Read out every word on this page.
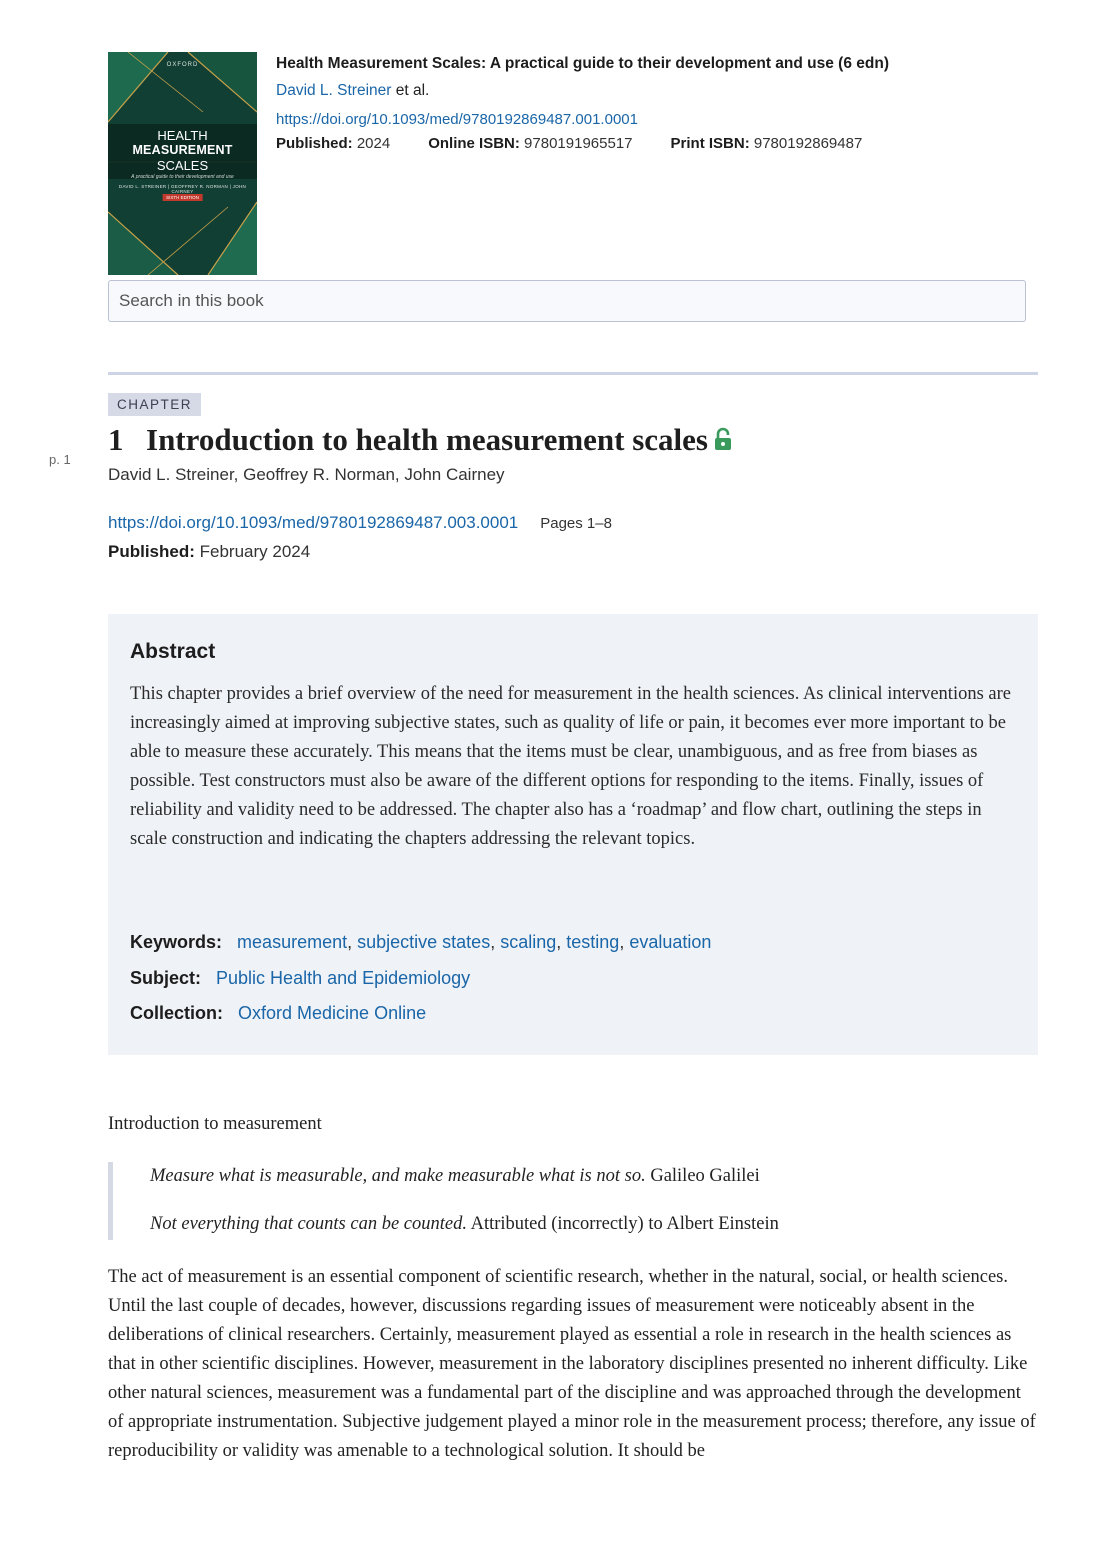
OXFORD
HEALTH
MEASUREMENT
SCALES
A practical guide to their development and use
DAVID L. STREINER | GEOFFREY R. NORMAN | JOHN CAIRNEY
SIXTH EDITION
Health Measurement Scales: A practical guide to their development and use (6 edn)
David L. Streiner et al.
https://doi.org/10.1093/med/9780192869487.001.0001
Published: 2024	Online ISBN: 9780191965517	Print ISBN: 9780192869487
Search in this book
CHAPTER
p. 1
1 Introduction to health measurement scales
David L. Streiner, Geoffrey R. Norman, John Cairney
https://doi.org/10.1093/med/9780192869487.003.0001 Pages 1–8
Published: February 2024
Abstract

This chapter provides a brief overview of the need for measurement in the health sciences. As clinical interventions are increasingly aimed at improving subjective states, such as quality of life or pain, it becomes ever more important to be able to measure these accurately. This means that the items must be clear, unambiguous, and as free from biases as possible. Test constructors must also be aware of the different options for responding to the items. Finally, issues of reliability and validity need to be addressed. The chapter also has a ‘roadmap’ and flow chart, outlining the steps in scale construction and indicating the chapters addressing the relevant topics.

Keywords: measurement, subjective states, scaling, testing, evaluation
Subject: Public Health and Epidemiology
Collection: Oxford Medicine Online
Introduction to measurement
Measure what is measurable, and make measurable what is not so. Galileo Galilei
Not everything that counts can be counted. Attributed (incorrectly) to Albert Einstein

The act of measurement is an essential component of scientific research, whether in the natural, social, or health sciences. Until the last couple of decades, however, discussions regarding issues of measurement were noticeably absent in the deliberations of clinical researchers. Certainly, measurement played as essential a role in research in the health sciences as that in other scientific disciplines. However, measurement in the laboratory disciplines presented no inherent difficulty. Like other natural sciences, measurement was a fundamental part of the discipline and was approached through the development of appropriate instrumentation. Subjective judgement played a minor role in the measurement process; therefore, any issue of reproducibility or validity was amenable to a technological solution. It should be
